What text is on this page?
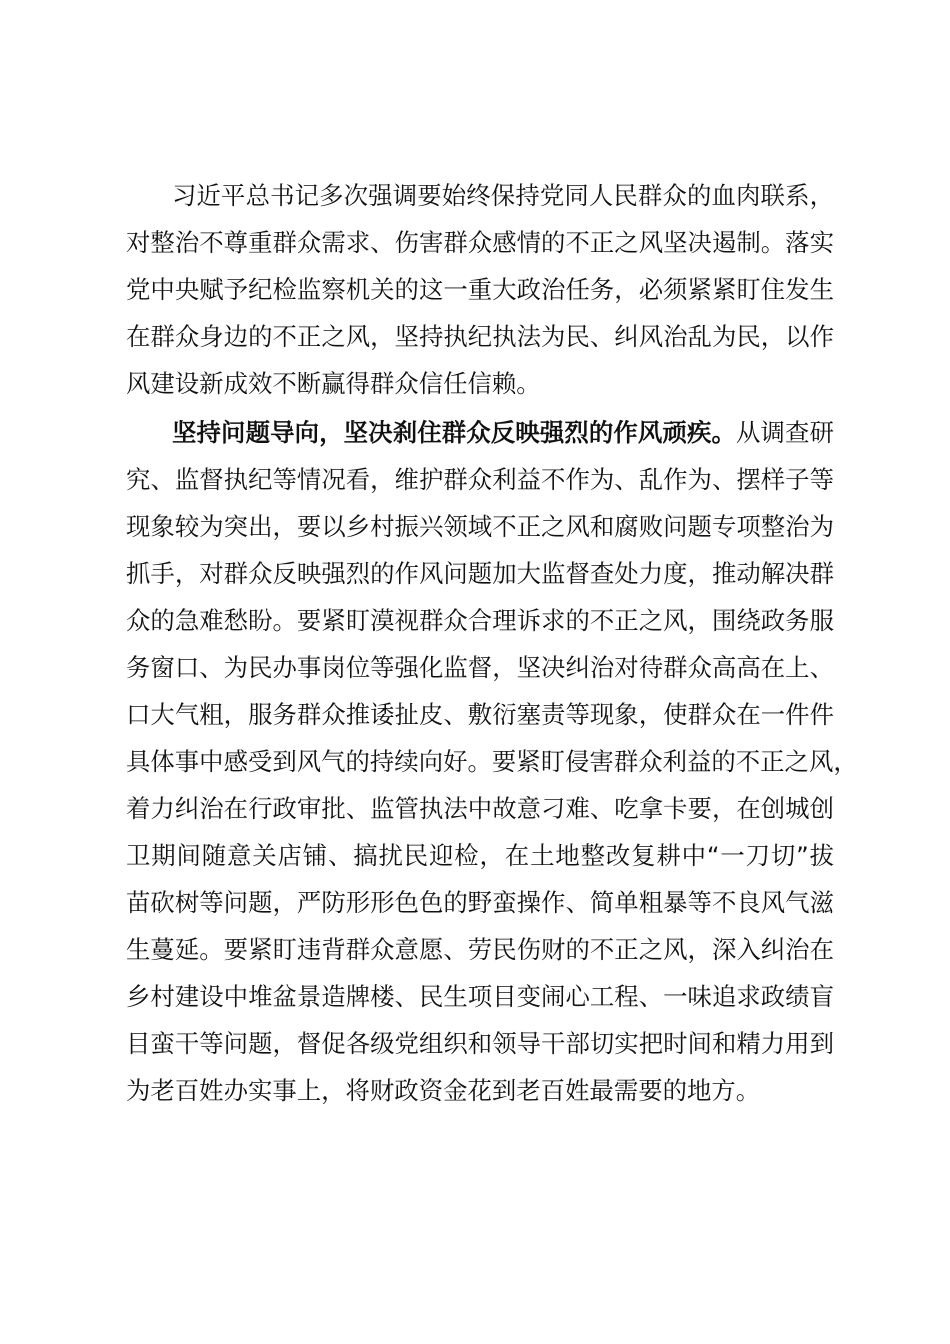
习近平总书记多次强调要始终保持党同人民群众的血肉联系，
对整治不尊重群众需求、伤害群众感情的不正之风坚决遏制。落实
党中央赋予纪检监察机关的这一重大政治任务，必须紧紧盯住发生
在群众身边的不正之风，坚持执纪执法为民、纠风治乱为民，以作
风建设新成效不断赢得群众信任信赖。
坚持问题导向，坚决刹住群众反映强烈的作风顽疾。从调查研
究、监督执纪等情况看，维护群众利益不作为、乱作为、摆样子等
现象较为突出，要以乡村振兴领域不正之风和腐败问题专项整治为
抓手，对群众反映强烈的作风问题加大监督查处力度，推动解决群
众的急难愁盼。要紧盯漠视群众合理诉求的不正之风，围绕政务服
务窗口、为民办事岗位等强化监督，坚决纠治对待群众高高在上、
口大气粗，服务群众推诿扯皮、敷衍塞责等现象，使群众在一件件
具体事中感受到风气的持续向好。要紧盯侵害群众利益的不正之风，
着力纠治在行政审批、监管执法中故意刁难、吃拿卡要，在创城创
卫期间随意关店铺、搞扰民迎检，在土地整改复耕中“一刀切”拔
苗砍树等问题，严防形形色色的野蛮操作、简单粗暴等不良风气滋
生蔓延。要紧盯违背群众意愿、劳民伤财的不正之风，深入纠治在
乡村建设中堆盆景造牌楼、民生项目变闹心工程、一味追求政绩盲
目蛮干等问题，督促各级党组织和领导干部切实把时间和精力用到
为老百姓办实事上，将财政资金花到老百姓最需要的地方。
